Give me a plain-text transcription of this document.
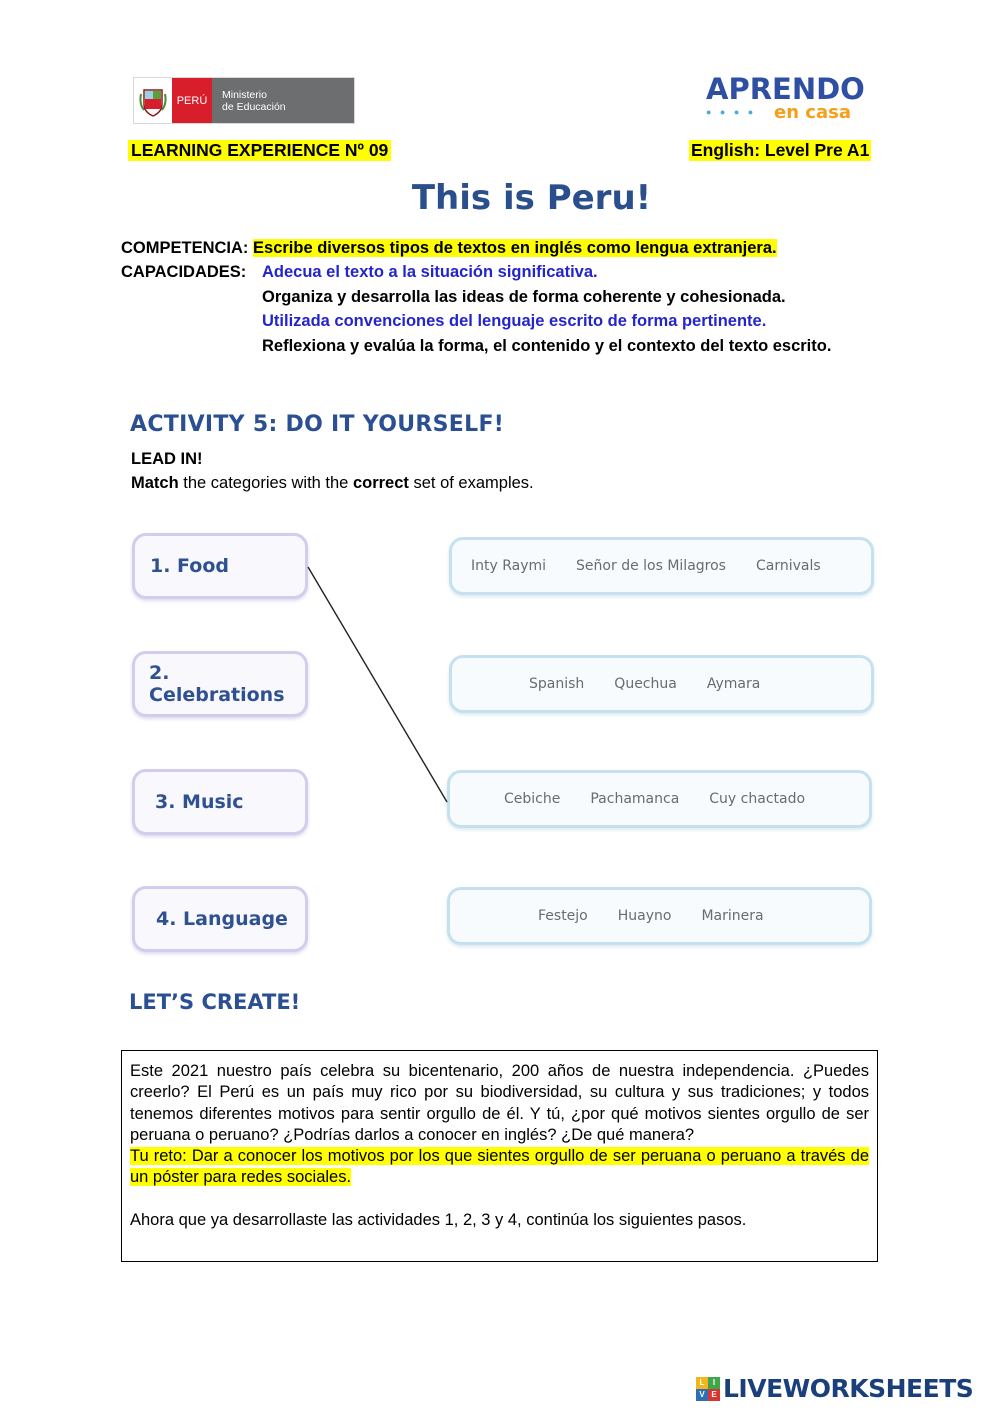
PERÚ	Ministerio
de Educación
APRENDO
● ● ● ● en casa
LEARNING EXPERIENCE Nº 09	English: Level Pre A1
This is Peru!
COMPETENCIA: Escribe diversos tipos de textos en inglés como lengua extranjera.
CAPACIDADES: Adecua el texto a la situación significativa.
Organiza y desarrolla las ideas de forma coherente y cohesionada.
Utilizada convenciones del lenguaje escrito de forma pertinente.
Reflexiona y evalúa la forma, el contenido y el contexto del texto escrito.
ACTIVITY 5: DO IT YOURSELF!
LEAD IN!
Match the categories with the correct set of examples.
1. Food
2. Celebrations
3. Music
4. Language
Inty Raymi Señor de los Milagros Carnivals
Spanish Quechua Aymara
Cebiche Pachamanca Cuy chactado
Festejo Huayno Marinera
LET’S CREATE!

Este 2021 nuestro país celebra su bicentenario, 200 años de nuestra independencia. ¿Puedes creerlo? El Perú es un país muy rico por su biodiversidad, su cultura y sus tradiciones; y todos tenemos diferentes motivos para sentir orgullo de él. Y tú, ¿por qué motivos sientes orgullo de ser peruana o peruano? ¿Podrías darlos a conocer en inglés? ¿De qué manera?

Tu reto: Dar a conocer los motivos por los que sientes orgullo de ser peruana o peruano a través de un póster para redes sociales.

Ahora que ya desarrollaste las actividades 1, 2, 3 y 4, continúa los siguientes pasos.

L	I
V E LIVEWORKSHEETS
